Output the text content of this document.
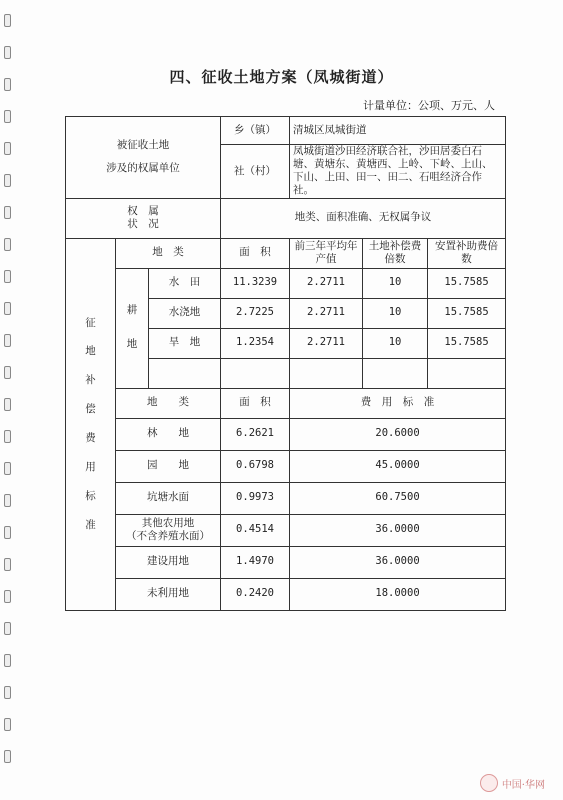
四、征收土地方案（凤城街道）
计量单位：公项、万元、人
被征收土地
涉及的权属单位			乡（镇）	清城区凤城街道		
			社（村）	凤城街道沙田经济联合社，沙田居委白石塘、黄塘东、黄塘西、上岭、下岭、上山、下山、上田、田一、田二、石咀经济合作社。		

权　属
状　况			地类、面积准确、无权属争议			
征地补偿费用标准	地　类		面　积	前三年平均年产值	土地补偿费倍数	安置补助费倍　　数
	耕地	水　田	11.3239	2.2711	10	15.7585
		水浇地	2.7225	2.2711	10	15.7585
		旱　地	1.2354	2.2711	10	15.7585

	地　　类		面　积	费　用　标　准		
	林　　地		6.2621	20.6000		
	园　　地		0.6798	45.0000		
	坑塘水面		0.9973	60.7500		

	其他农用地
（不含养殖水面）		0.4514	36.0000		
	建设用地		1.4970	36.0000		
	未利用地		0.2420	18.0000		
中国·华网
